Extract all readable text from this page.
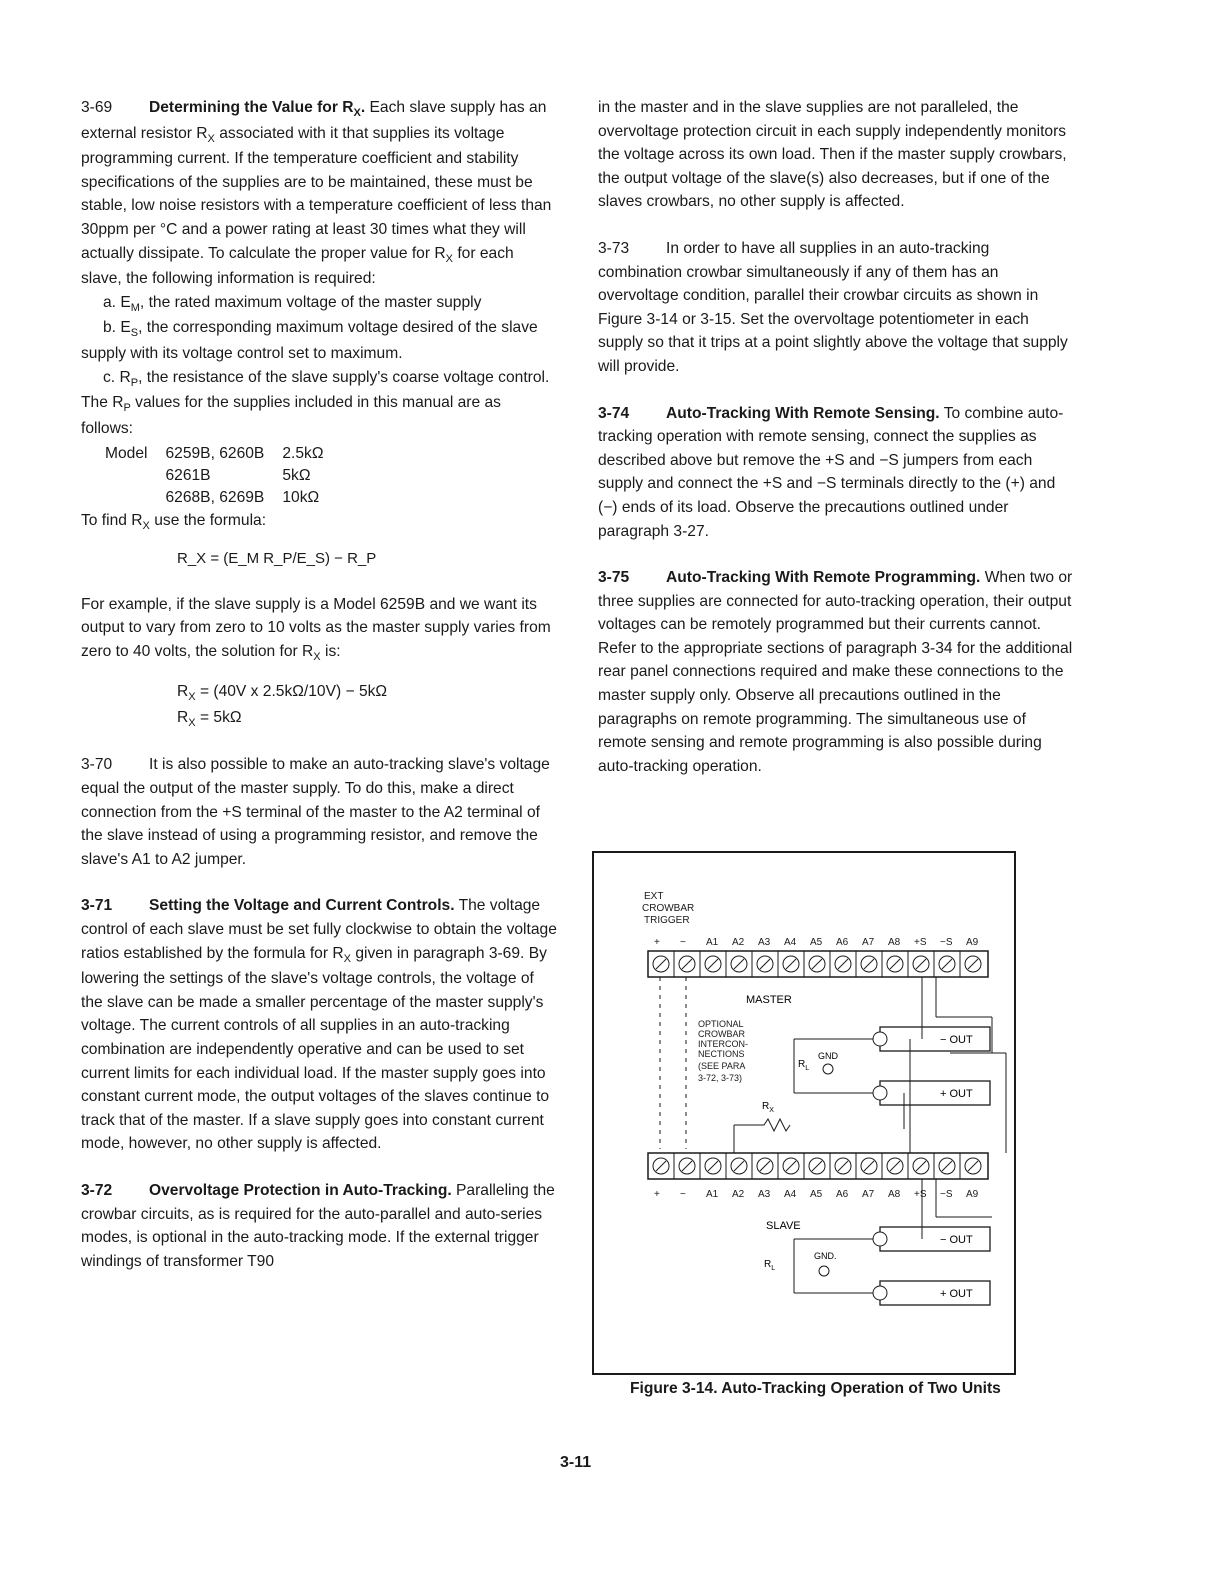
3-69 Determining the Value for $R_X$. Each slave supply has an external resistor $R_X$ associated with it that supplies its voltage programming current. If the temperature coefficient and stability specifications of the supplies are to be maintained, these must be stable, low noise resistors with a temperature coefficient of less than 30ppm per °C and a power rating at least 30 times what they will actually dissipate. To calculate the proper value for $R_X$ for each slave, the following information is required:
a. $E_M$, the rated maximum voltage of the master supply
b. $E_S$, the corresponding maximum voltage desired of the slave supply with its voltage control set to maximum.
c. $R_P$, the resistance of the slave supply's coarse voltage control.
The $R_P$ values for the supplies included in this manual are as follows:

Model	6259B, 6260B	2.5kΩ
	6261B	5kΩ
	6268B, 6269B	10kΩ
To find $R_X$ use the formula:
R_X = (E_M R_P/E_S) − R_P

For example, if the slave supply is a Model 6259B and we want its output to vary from zero to 10 volts as the master supply varies from zero to 40 volts, the solution for $R_X$ is:

$R_X = (40V$ x 2.5kΩ/10V) − 5kΩ
$R_X = 5k\Omega$

3-70 It is also possible to make an auto-tracking slave's voltage equal the output of the master supply. To do this, make a direct connection from the +S terminal of the master to the A2 terminal of the slave instead of using a programming resistor, and remove the slave's A1 to A2 jumper.

3-71 Setting the Voltage and Current Controls. The voltage control of each slave must be set fully clockwise to obtain the voltage ratios established by the formula for $R_X$ given in paragraph 3-69. By lowering the settings of the slave's voltage controls, the voltage of the slave can be made a smaller percentage of the master supply's voltage. The current controls of all supplies in an auto-tracking combination are independently operative and can be used to set current limits for each individual load. If the master supply goes into constant current mode, the output voltages of the slaves continue to track that of the master. If a slave supply goes into constant current mode, however, no other supply is affected.

3-72 Overvoltage Protection in Auto-Tracking. Paralleling the crowbar circuits, as is required for the auto-parallel and auto-series modes, is optional in the auto-tracking mode. If the external trigger windings of transformer T90

in the master and in the slave supplies are not paralleled, the overvoltage protection circuit in each supply independently monitors the voltage across its own load. Then if the master supply crowbars, the output voltage of the slave(s) also decreases, but if one of the slaves crowbars, no other supply is affected.

3-73 In order to have all supplies in an auto-tracking combination crowbar simultaneously if any of them has an overvoltage condition, parallel their crowbar circuits as shown in Figure 3-14 or 3-15. Set the overvoltage potentiometer in each supply so that it trips at a point slightly above the voltage that supply will provide.

3-74 Auto-Tracking With Remote Sensing. To combine auto-tracking operation with remote sensing, connect the supplies as described above but remove the +S and −S jumpers from each supply and connect the +S and −S terminals directly to the (+) and (−) ends of its load. Observe the precautions outlined under paragraph 3-27.

3-75 Auto-Tracking With Remote Programming. When two or three supplies are connected for auto-tracking operation, their output voltages can be remotely programmed but their currents cannot. Refer to the appropriate sections of paragraph 3-34 for the additional rear panel connections required and make these connections to the master supply only. Observe all precautions outlined in the paragraphs on remote programming. The simultaneous use of remote sensing and remote programming is also possible during auto-tracking operation.

EXT
CROWBAR
TRIGGER
+ − A1 A2 A3 A4 A5 A6 A7 A8 +S −S A9
MASTER
OPTIONAL
CROWBAR
INTERCON-
NECTIONS
(SEE PARA
3-72, 3-73)
− OUT
+ OUT
$R_L$
GND
$R_X$
+ − A1 A2 A3 A4 A5 A6 A7 A8 +S −S A9
SLAVE
− OUT
+ OUT
$R_L$
GND.
Figure 3-14. Auto-Tracking Operation of Two Units
3-11
